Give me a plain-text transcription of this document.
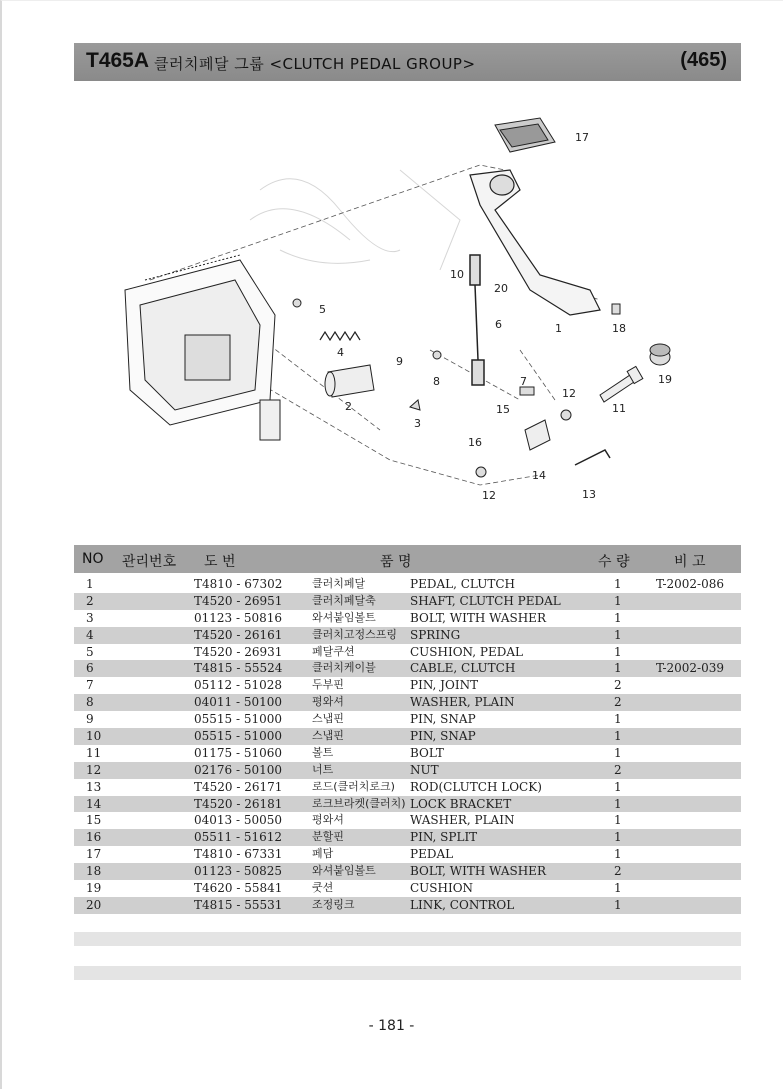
T465A 클러치페달 그룹 <CLUTCH PEDAL GROUP>	(465)
1
2
3
4
5
6
7
8
9
10
11
12
12	13
14
15
16
17
18
19
20
NO 관리번호 도 번	품 명	수 량	비 고
1	T4810 - 67302	클러치페달	PEDAL, CLUTCH	1	T-2002-086
2	T4520 - 26951	클러치페달축	SHAFT, CLUTCH PEDAL	1
3	01123 - 50816	와셔붙임볼트	BOLT, WITH WASHER	1
4	T4520 - 26161	클러치고정스프링 SPRING	1
5	T4520 - 26931	페달쿠션	CUSHION, PEDAL	1
6	T4815 - 55524	클러치케이블	CABLE, CLUTCH	1	T-2002-039
7	05112 - 51028	두부핀	PIN, JOINT	2
8	04011 - 50100	평와셔	WASHER, PLAIN	2
9	05515 - 51000	스냅핀	PIN, SNAP	1
10	05515 - 51000	스냅핀	PIN, SNAP	1
11	01175 - 51060	볼트	BOLT	1
12	02176 - 50100	너트	NUT	2
13	T4520 - 26171	로드(클러치로크) ROD(CLUTCH LOCK)	1
14	T4520 - 26181	로크브라켓(클러치) LOCK BRACKET	1
15	04013 - 50050	평와셔	WASHER, PLAIN	1
16	05511 - 51612	분할핀	PIN, SPLIT	1
17	T4810 - 67331	페담	PEDAL	1
18	01123 - 50825	와셔붙임볼트	BOLT, WITH WASHER	2
19	T4620 - 55841	쿳션	CUSHION	1
20	T4815 - 55531	조정링크	LINK, CONTROL	1
- 181 -
